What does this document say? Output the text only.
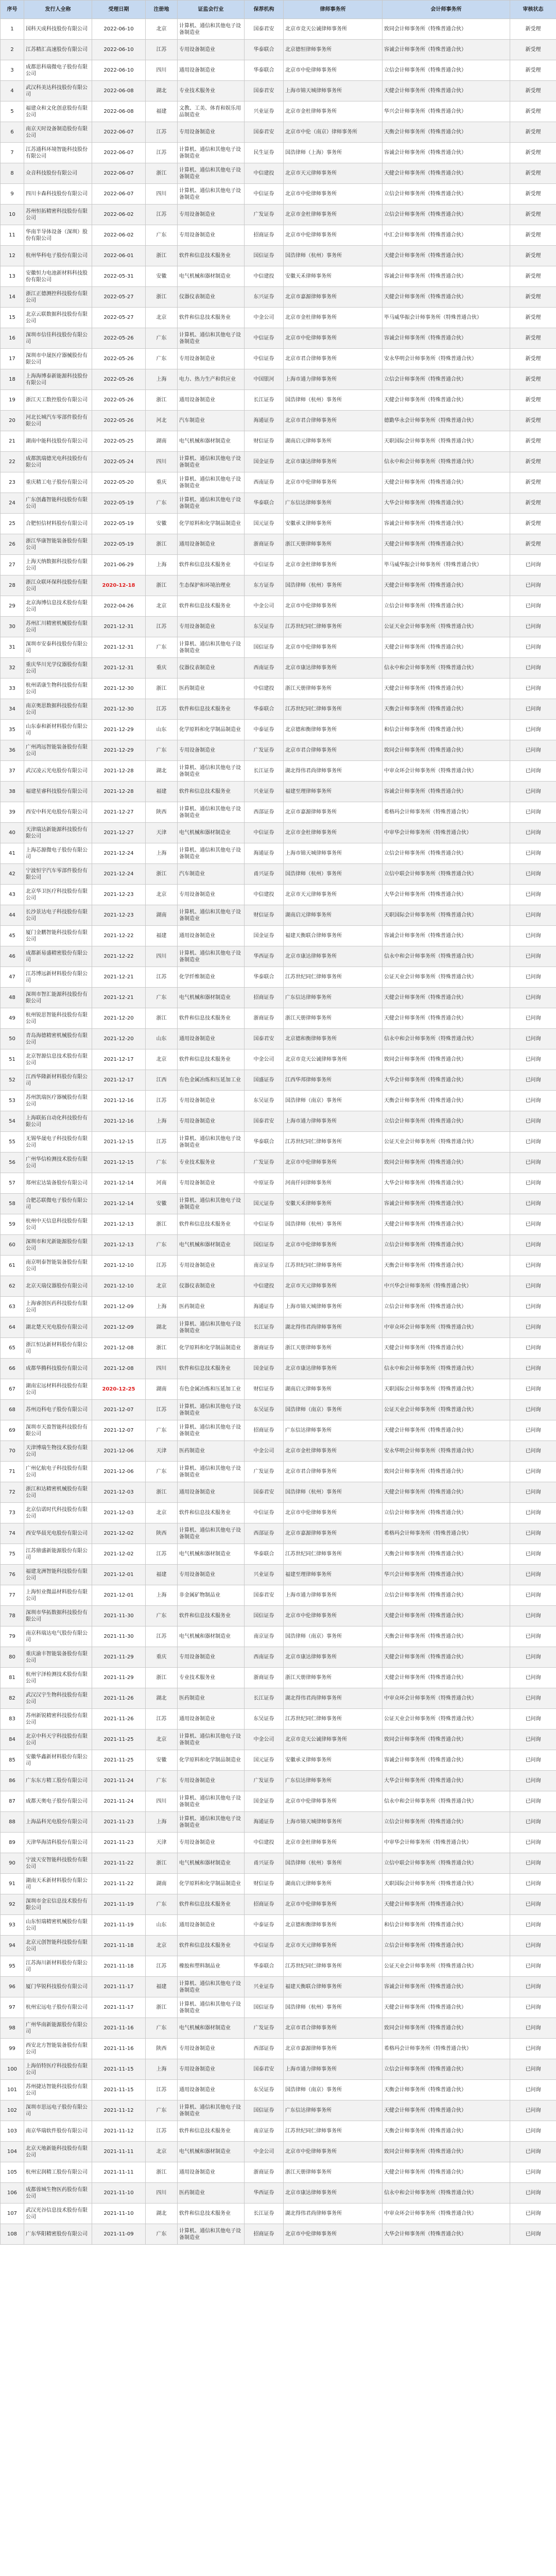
序号	发行人全称	受理日期	注册地	证监会行业	保荐机构	律师事务所	会计师事务所	审核状态
1	国科天成科技股份有限公司	2022-06-10	北京	计算机、通信和其他电子设备制造业	国泰君安	北京市竞天公诚律师事务所	致同会计师事务所（特殊普通合伙）	新受理
2	江苏精汇高速股份有限公司	2022-06-10	江苏	专用设备制造业	华泰联合	北京德恒律师事务所	容诚会计师事务所（特殊普通合伙）	新受理
3	成都思科瑞微电子股份有限公司	2022-06-10	四川	通用设备制造业	华泰联合	北京市中伦律师事务所	立信会计师事务所（特殊普通合伙）	新受理
4	武汉科美达科技股份有限公司	2022-06-08	湖北	专业技术服务业	国泰君安	上海市锦天城律师事务所	天健会计师事务所（特殊普通合伙）	新受理
5	福建众和文化创意股份有限公司	2022-06-08	福建	文教、工美、体育和娱乐用品制造业	兴业证券	北京市金杜律师事务所	华兴会计师事务所（特殊普通合伙）	新受理
6	南京天时设备制造股份有限公司	2022-06-07	江苏	专用设备制造业	国泰君安	北京市中伦（南京）律师事务所	天衡会计师事务所（特殊普通合伙）	新受理
7	江苏通科环境智能科技股份有限公司	2022-06-07	江苏	计算机、通信和其他电子设备制造业	民生证券	国浩律师（上海）事务所	容诚会计师事务所（特殊普通合伙）	新受理
8	众音科技股份有限公司	2022-06-07	浙江	计算机、通信和其他电子设备制造业	中信建投	北京市天元律师事务所	天健会计师事务所（特殊普通合伙）	新受理
9	四川卡森科技股份有限公司	2022-06-07	四川	计算机、通信和其他电子设备制造业	中信证券	北京市中伦律师事务所	立信会计师事务所（特殊普通合伙）	新受理
10	苏州恒拓精密科技股份有限公司	2022-06-02	江苏	专用设备制造业	广发证券	北京市金杜律师事务所	立信会计师事务所（特殊普通合伙）	新受理
11	华南半导体设备（深圳）股份有限公司	2022-06-02	广东	专用设备制造业	招商证券	北京市中伦律师事务所	中汇会计师事务所（特殊普通合伙）	新受理
12	杭州华科电子股份有限公司	2022-06-01	浙江	软件和信息技术服务业	国信证券	国浩律师（杭州）事务所	天健会计师事务所（特殊普通合伙）	新受理
13	安徽恒力电池新材料科技股份有限公司	2022-05-31	安徽	电气机械和器材制造业	中信建投	安徽天禾律师事务所	容诚会计师事务所（特殊普通合伙）	新受理
14	浙江正德测控科技股份有限公司	2022-05-27	浙江	仪器仪表制造业	东兴证券	北京市嘉源律师事务所	天健会计师事务所（特殊普通合伙）	新受理
15	北京云联数据科技股份有限公司	2022-05-27	北京	软件和信息技术服务业	中金公司	北京市金杜律师事务所	毕马威华振会计师事务所（特殊普通合伙）	新受理
16	深圳市信佳科技股份有限公司	2022-05-26	广东	计算机、通信和其他电子设备制造业	中信证券	北京市中伦律师事务所	容诚会计师事务所（特殊普通合伙）	新受理
17	深圳市中晟医疗器械股份有限公司	2022-05-26	广东	专用设备制造业	中信证券	北京市君合律师事务所	安永华明会计师事务所（特殊普通合伙）	新受理
18	上海海博泰新能源科技股份有限公司	2022-05-26	上海	电力、热力生产和供应业	中国银河	上海市通力律师事务所	立信会计师事务所（特殊普通合伙）	新受理
19	浙江天工数控股份有限公司	2022-05-26	浙江	通用设备制造业	长江证券	国浩律师（杭州）事务所	天健会计师事务所（特殊普通合伙）	新受理
20	河北长城汽车零部件股份有限公司	2022-05-26	河北	汽车制造业	海通证券	北京市君合律师事务所	德勤华永会计师事务所（特殊普通合伙）	新受理
21	湖南中能科技股份有限公司	2022-05-25	湖南	电气机械和器材制造业	财信证券	湖南启元律师事务所	天职国际会计师事务所（特殊普通合伙）	新受理
22	成都凯瑞德光电科技股份有限公司	2022-05-24	四川	计算机、通信和其他电子设备制造业	国金证券	北京市康达律师事务所	信永中和会计师事务所（特殊普通合伙）	新受理
23	重庆精工电子股份有限公司	2022-05-20	重庆	计算机、通信和其他电子设备制造业	西南证券	北京市中伦律师事务所	天健会计师事务所（特殊普通合伙）	新受理
24	广东创鑫智能科技股份有限公司	2022-05-19	广东	计算机、通信和其他电子设备制造业	华泰联合	广东信达律师事务所	大华会计师事务所（特殊普通合伙）	新受理
25	合肥恒信材料股份有限公司	2022-05-19	安徽	化学原料和化学制品制造业	国元证券	安徽承义律师事务所	容诚会计师事务所（特殊普通合伙）	新受理
26	浙江华康智能装备股份有限公司	2022-05-19	浙江	通用设备制造业	浙商证券	浙江天册律师事务所	天健会计师事务所（特殊普通合伙）	新受理
27	上海天纳数据科技股份有限公司	2021-06-29	上海	软件和信息技术服务业	中信证券	北京市金杜律师事务所	毕马威华振会计师事务所（特殊普通合伙）	已问询
28	浙江众联环保科技股份有限公司	2020-12-18	浙江	生态保护和环境治理业	东方证券	国浩律师（杭州）事务所	天健会计师事务所（特殊普通合伙）	已问询
29	北京海博信息技术股份有限公司	2022-04-26	北京	软件和信息技术服务业	中金公司	北京市中伦律师事务所	立信会计师事务所（特殊普通合伙）	已问询
30	苏州汇川精密机械股份有限公司	2021-12-31	江苏	专用设备制造业	东吴证券	江苏世纪同仁律师事务所	公证天业会计师事务所（特殊普通合伙）	已问询
31	深圳市安泰科技股份有限公司	2021-12-31	广东	计算机、通信和其他电子设备制造业	国信证券	北京市中伦律师事务所	天健会计师事务所（特殊普通合伙）	已问询
32	重庆华川光学仪器股份有限公司	2021-12-31	重庆	仪器仪表制造业	西南证券	北京市康达律师事务所	信永中和会计师事务所（特殊普通合伙）	已问询
33	杭州诺康生物科技股份有限公司	2021-12-30	浙江	医药制造业	中信建投	浙江天册律师事务所	天健会计师事务所（特殊普通合伙）	已问询
34	南京奥思数据科技股份有限公司	2021-12-30	江苏	软件和信息技术服务业	华泰联合	江苏世纪同仁律师事务所	天衡会计师事务所（特殊普通合伙）	已问询
35	山东泰和新材料股份有限公司	2021-12-29	山东	化学原料和化学制品制造业	中泰证券	北京德和衡律师事务所	和信会计师事务所（特殊普通合伙）	已问询
36	广州鸿远智能装备股份有限公司	2021-12-29	广东	专用设备制造业	广发证券	北京市君合律师事务所	致同会计师事务所（特殊普通合伙）	已问询
37	武汉凌云光电股份有限公司	2021-12-28	湖北	计算机、通信和其他电子设备制造业	长江证券	湖北得伟君尚律师事务所	中审众环会计师事务所（特殊普通合伙）	已问询
38	福建星睿科技股份有限公司	2021-12-28	福建	软件和信息技术服务业	兴业证券	福建至理律师事务所	容诚会计师事务所（特殊普通合伙）	已问询
39	西安中科光电股份有限公司	2021-12-27	陕西	计算机、通信和其他电子设备制造业	西部证券	北京市嘉源律师事务所	希格玛会计师事务所（特殊普通合伙）	已问询
40	天津瑞达新能源科技股份有限公司	2021-12-27	天津	电气机械和器材制造业	中信证券	北京市金杜律师事务所	中审华会计师事务所（特殊普通合伙）	已问询
41	上海芯源微电子股份有限公司	2021-12-24	上海	计算机、通信和其他电子设备制造业	海通证券	上海市锦天城律师事务所	立信会计师事务所（特殊普通合伙）	已问询
42	宁波恒宇汽车零部件股份有限公司	2021-12-24	浙江	汽车制造业	甬兴证券	国浩律师（杭州）事务所	立信中联会计师事务所（特殊普通合伙）	已问询
43	北京华卫医疗科技股份有限公司	2021-12-23	北京	专用设备制造业	中信建投	北京市天元律师事务所	大华会计师事务所（特殊普通合伙）	已问询
44	长沙景达电子科技股份有限公司	2021-12-23	湖南	计算机、通信和其他电子设备制造业	财信证券	湖南启元律师事务所	天职国际会计师事务所（特殊普通合伙）	已问询
45	厦门金鹏智能科技股份有限公司	2021-12-22	福建	通用设备制造业	国金证券	福建天衡联合律师事务所	容诚会计师事务所（特殊普通合伙）	已问询
46	成都新易盛精密股份有限公司	2021-12-22	四川	计算机、通信和其他电子设备制造业	华西证券	北京市康达律师事务所	信永中和会计师事务所（特殊普通合伙）	已问询
47	江苏博远新材料股份有限公司	2021-12-21	江苏	化学纤维制造业	华泰联合	江苏世纪同仁律师事务所	公证天业会计师事务所（特殊普通合伙）	已问询
48	深圳市智汇能源科技股份有限公司	2021-12-21	广东	电气机械和器材制造业	招商证券	广东信达律师事务所	天健会计师事务所（特殊普通合伙）	已问询
49	杭州锐思智能科技股份有限公司	2021-12-20	浙江	软件和信息技术服务业	浙商证券	浙江天册律师事务所	天健会计师事务所（特殊普通合伙）	已问询
50	青岛海德精密机械股份有限公司	2021-12-20	山东	通用设备制造业	国泰君安	北京德和衡律师事务所	信永中和会计师事务所（特殊普通合伙）	已问询
51	北京智源信息技术股份有限公司	2021-12-17	北京	软件和信息技术服务业	中金公司	北京市竞天公诚律师事务所	致同会计师事务所（特殊普通合伙）	已问询
52	江西华隆新材料股份有限公司	2021-12-17	江西	有色金属冶炼和压延加工业	国盛证券	江西华邦律师事务所	大华会计师事务所（特殊普通合伙）	已问询
53	苏州凯瑞医疗器械股份有限公司	2021-12-16	江苏	专用设备制造业	东吴证券	国浩律师（南京）事务所	天衡会计师事务所（特殊普通合伙）	已问询
54	上海联拓自动化科技股份有限公司	2021-12-16	上海	专用设备制造业	国泰君安	上海市通力律师事务所	立信会计师事务所（特殊普通合伙）	已问询
55	无锡华晟电子科技股份有限公司	2021-12-15	江苏	计算机、通信和其他电子设备制造业	华泰联合	江苏世纪同仁律师事务所	公证天业会计师事务所（特殊普通合伙）	已问询
56	广州华信检测技术股份有限公司	2021-12-15	广东	专业技术服务业	广发证券	北京市中伦律师事务所	致同会计师事务所（特殊普通合伙）	已问询
57	郑州宏达装备股份有限公司	2021-12-14	河南	专用设备制造业	中原证券	河南仟问律师事务所	大华会计师事务所（特殊普通合伙）	已问询
58	合肥芯联微电子股份有限公司	2021-12-14	安徽	计算机、通信和其他电子设备制造业	国元证券	安徽天禾律师事务所	容诚会计师事务所（特殊普通合伙）	已问询
59	杭州中天信息科技股份有限公司	2021-12-13	浙江	软件和信息技术服务业	中信证券	国浩律师（杭州）事务所	天健会计师事务所（特殊普通合伙）	已问询
60	深圳市和光新能源股份有限公司	2021-12-13	广东	电气机械和器材制造业	国信证券	北京市中伦律师事务所	立信会计师事务所（特殊普通合伙）	已问询
61	南京明泰智能装备股份有限公司	2021-12-10	江苏	专用设备制造业	南京证券	江苏世纪同仁律师事务所	天衡会计师事务所（特殊普通合伙）	已问询
62	北京天瑞仪器股份有限公司	2021-12-10	北京	仪器仪表制造业	中信建投	北京市天元律师事务所	中兴华会计师事务所（特殊普通合伙）	已问询
63	上海睿创医药科技股份有限公司	2021-12-09	上海	医药制造业	海通证券	上海市锦天城律师事务所	立信会计师事务所（特殊普通合伙）	已问询
64	湖北楚天光电股份有限公司	2021-12-09	湖北	计算机、通信和其他电子设备制造业	长江证券	湖北得伟君尚律师事务所	中审众环会计师事务所（特殊普通合伙）	已问询
65	浙江恒达新材料股份有限公司	2021-12-08	浙江	化学原料和化学制品制造业	浙商证券	浙江天册律师事务所	天健会计师事务所（特殊普通合伙）	已问询
66	成都华腾科技股份有限公司	2021-12-08	四川	软件和信息技术服务业	国金证券	北京市康达律师事务所	信永中和会计师事务所（特殊普通合伙）	已问询
67	湖南宏远材料科技股份有限公司	2020-12-25	湖南	有色金属冶炼和压延加工业	财信证券	湖南启元律师事务所	天职国际会计师事务所（特殊普通合伙）	已问询
68	苏州迈科电子股份有限公司	2021-12-07	江苏	计算机、通信和其他电子设备制造业	东吴证券	国浩律师（南京）事务所	公证天业会计师事务所（特殊普通合伙）	已问询
69	深圳市天盈智能科技股份有限公司	2021-12-07	广东	计算机、通信和其他电子设备制造业	招商证券	广东信达律师事务所	天健会计师事务所（特殊普通合伙）	已问询
70	天津博瑞生物技术股份有限公司	2021-12-06	天津	医药制造业	中金公司	北京市金杜律师事务所	安永华明会计师事务所（特殊普通合伙）	已问询
71	广州亿航电子科技股份有限公司	2021-12-06	广东	计算机、通信和其他电子设备制造业	广发证券	北京市君合律师事务所	致同会计师事务所（特殊普通合伙）	已问询
72	浙江和达精密机械股份有限公司	2021-12-03	浙江	通用设备制造业	国泰君安	国浩律师（杭州）事务所	天健会计师事务所（特殊普通合伙）	已问询
73	北京信诺时代科技股份有限公司	2021-12-03	北京	软件和信息技术服务业	中信证券	北京市中伦律师事务所	立信会计师事务所（特殊普通合伙）	已问询
74	西安华晨光电股份有限公司	2021-12-02	陕西	计算机、通信和其他电子设备制造业	西部证券	北京市嘉源律师事务所	希格玛会计师事务所（特殊普通合伙）	已问询
75	江苏鼎盛新能源股份有限公司	2021-12-02	江苏	电气机械和器材制造业	华泰联合	江苏世纪同仁律师事务所	天衡会计师事务所（特殊普通合伙）	已问询
76	福建龙洲智能科技股份有限公司	2021-12-01	福建	专用设备制造业	兴业证券	福建至理律师事务所	华兴会计师事务所（特殊普通合伙）	已问询
77	上海恒业微晶材料股份有限公司	2021-12-01	上海	非金属矿物制品业	国泰君安	上海市通力律师事务所	立信会计师事务所（特殊普通合伙）	已问询
78	深圳市华拓数据科技股份有限公司	2021-11-30	广东	软件和信息技术服务业	国信证券	北京市中伦律师事务所	天健会计师事务所（特殊普通合伙）	已问询
79	南京科瑞达电气股份有限公司	2021-11-30	江苏	电气机械和器材制造业	南京证券	国浩律师（南京）事务所	天衡会计师事务所（特殊普通合伙）	已问询
80	重庆渝丰智能装备股份有限公司	2021-11-29	重庆	专用设备制造业	西南证券	北京市康达律师事务所	天健会计师事务所（特殊普通合伙）	已问询
81	杭州宇泽检测技术股份有限公司	2021-11-29	浙江	专业技术服务业	浙商证券	浙江天册律师事务所	天健会计师事务所（特殊普通合伙）	已问询
82	武汉汉宇生物科技股份有限公司	2021-11-26	湖北	医药制造业	长江证券	湖北得伟君尚律师事务所	中审众环会计师事务所（特殊普通合伙）	已问询
83	苏州新锐精密科技股份有限公司	2021-11-26	江苏	通用设备制造业	东吴证券	江苏世纪同仁律师事务所	公证天业会计师事务所（特殊普通合伙）	已问询
84	北京中科天宇科技股份有限公司	2021-11-25	北京	计算机、通信和其他电子设备制造业	中金公司	北京市竞天公诚律师事务所	致同会计师事务所（特殊普通合伙）	已问询
85	安徽华鑫新材料股份有限公司	2021-11-25	安徽	化学原料和化学制品制造业	国元证券	安徽承义律师事务所	容诚会计师事务所（特殊普通合伙）	已问询
86	广东东方精工股份有限公司	2021-11-24	广东	专用设备制造业	广发证券	广东信达律师事务所	大华会计师事务所（特殊普通合伙）	已问询
87	成都天奥电子股份有限公司	2021-11-24	四川	计算机、通信和其他电子设备制造业	国金证券	北京市中伦律师事务所	信永中和会计师事务所（特殊普通合伙）	已问询
88	上海晶科光电股份有限公司	2021-11-23	上海	计算机、通信和其他电子设备制造业	海通证券	上海市锦天城律师事务所	立信会计师事务所（特殊普通合伙）	已问询
89	天津华海清科股份有限公司	2021-11-23	天津	专用设备制造业	中信建投	北京市金杜律师事务所	中审华会计师事务所（特殊普通合伙）	已问询
90	宁波天安智能科技股份有限公司	2021-11-22	浙江	电气机械和器材制造业	甬兴证券	国浩律师（杭州）事务所	立信中联会计师事务所（特殊普通合伙）	已问询
91	湖南天禾新材料股份有限公司	2021-11-22	湖南	化学原料和化学制品制造业	财信证券	湖南启元律师事务所	天职国际会计师事务所（特殊普通合伙）	已问询
92	深圳市金宏信息技术股份有限公司	2021-11-19	广东	软件和信息技术服务业	招商证券	北京市中伦律师事务所	天健会计师事务所（特殊普通合伙）	已问询
93	山东恒瑞精密机械股份有限公司	2021-11-19	山东	通用设备制造业	中泰证券	北京德和衡律师事务所	和信会计师事务所（特殊普通合伙）	已问询
94	北京元创智能科技股份有限公司	2021-11-18	北京	软件和信息技术服务业	中信证券	北京市天元律师事务所	立信会计师事务所（特殊普通合伙）	已问询
95	江苏海川新材料股份有限公司	2021-11-18	江苏	橡胶和塑料制品业	华泰联合	江苏世纪同仁律师事务所	公证天业会计师事务所（特殊普通合伙）	已问询
96	厦门华锐科技股份有限公司	2021-11-17	福建	计算机、通信和其他电子设备制造业	兴业证券	福建天衡联合律师事务所	容诚会计师事务所（特殊普通合伙）	已问询
97	杭州宏远电子股份有限公司	2021-11-17	浙江	计算机、通信和其他电子设备制造业	国信证券	国浩律师（杭州）事务所	天健会计师事务所（特殊普通合伙）	已问询
98	广州华南新能源股份有限公司	2021-11-16	广东	电气机械和器材制造业	广发证券	北京市君合律师事务所	致同会计师事务所（特殊普通合伙）	已问询
99	西安北方智能装备股份有限公司	2021-11-16	陕西	专用设备制造业	西部证券	北京市嘉源律师事务所	希格玛会计师事务所（特殊普通合伙）	已问询
100	上海佰特医疗科技股份有限公司	2021-11-15	上海	专用设备制造业	国泰君安	上海市通力律师事务所	立信会计师事务所（特殊普通合伙）	已问询
101	苏州捷达智能科技股份有限公司	2021-11-15	江苏	通用设备制造业	东吴证券	国浩律师（南京）事务所	天衡会计师事务所（特殊普通合伙）	已问询
102	深圳市思远电子股份有限公司	2021-11-12	广东	计算机、通信和其他电子设备制造业	国信证券	广东信达律师事务所	天健会计师事务所（特殊普通合伙）	已问询
103	南京华瑞软件股份有限公司	2021-11-12	江苏	软件和信息技术服务业	南京证券	江苏世纪同仁律师事务所	天衡会计师事务所（特殊普通合伙）	已问询
104	北京天地新能科技股份有限公司	2021-11-11	北京	电气机械和器材制造业	中金公司	北京市中伦律师事务所	致同会计师事务所（特殊普通合伙）	已问询
105	杭州宏润精工股份有限公司	2021-11-11	浙江	通用设备制造业	浙商证券	浙江天册律师事务所	天健会计师事务所（特殊普通合伙）	已问询
106	成都蓉城生物医药股份有限公司	2021-11-10	四川	医药制造业	华西证券	北京市康达律师事务所	信永中和会计师事务所（特殊普通合伙）	已问询
107	武汉光谷信息技术股份有限公司	2021-11-10	湖北	软件和信息技术服务业	长江证券	湖北得伟君尚律师事务所	中审众环会计师事务所（特殊普通合伙）	已问询
108	广东华阳精密股份有限公司	2021-11-09	广东	计算机、通信和其他电子设备制造业	招商证券	北京市中伦律师事务所	大华会计师事务所（特殊普通合伙）	已问询
